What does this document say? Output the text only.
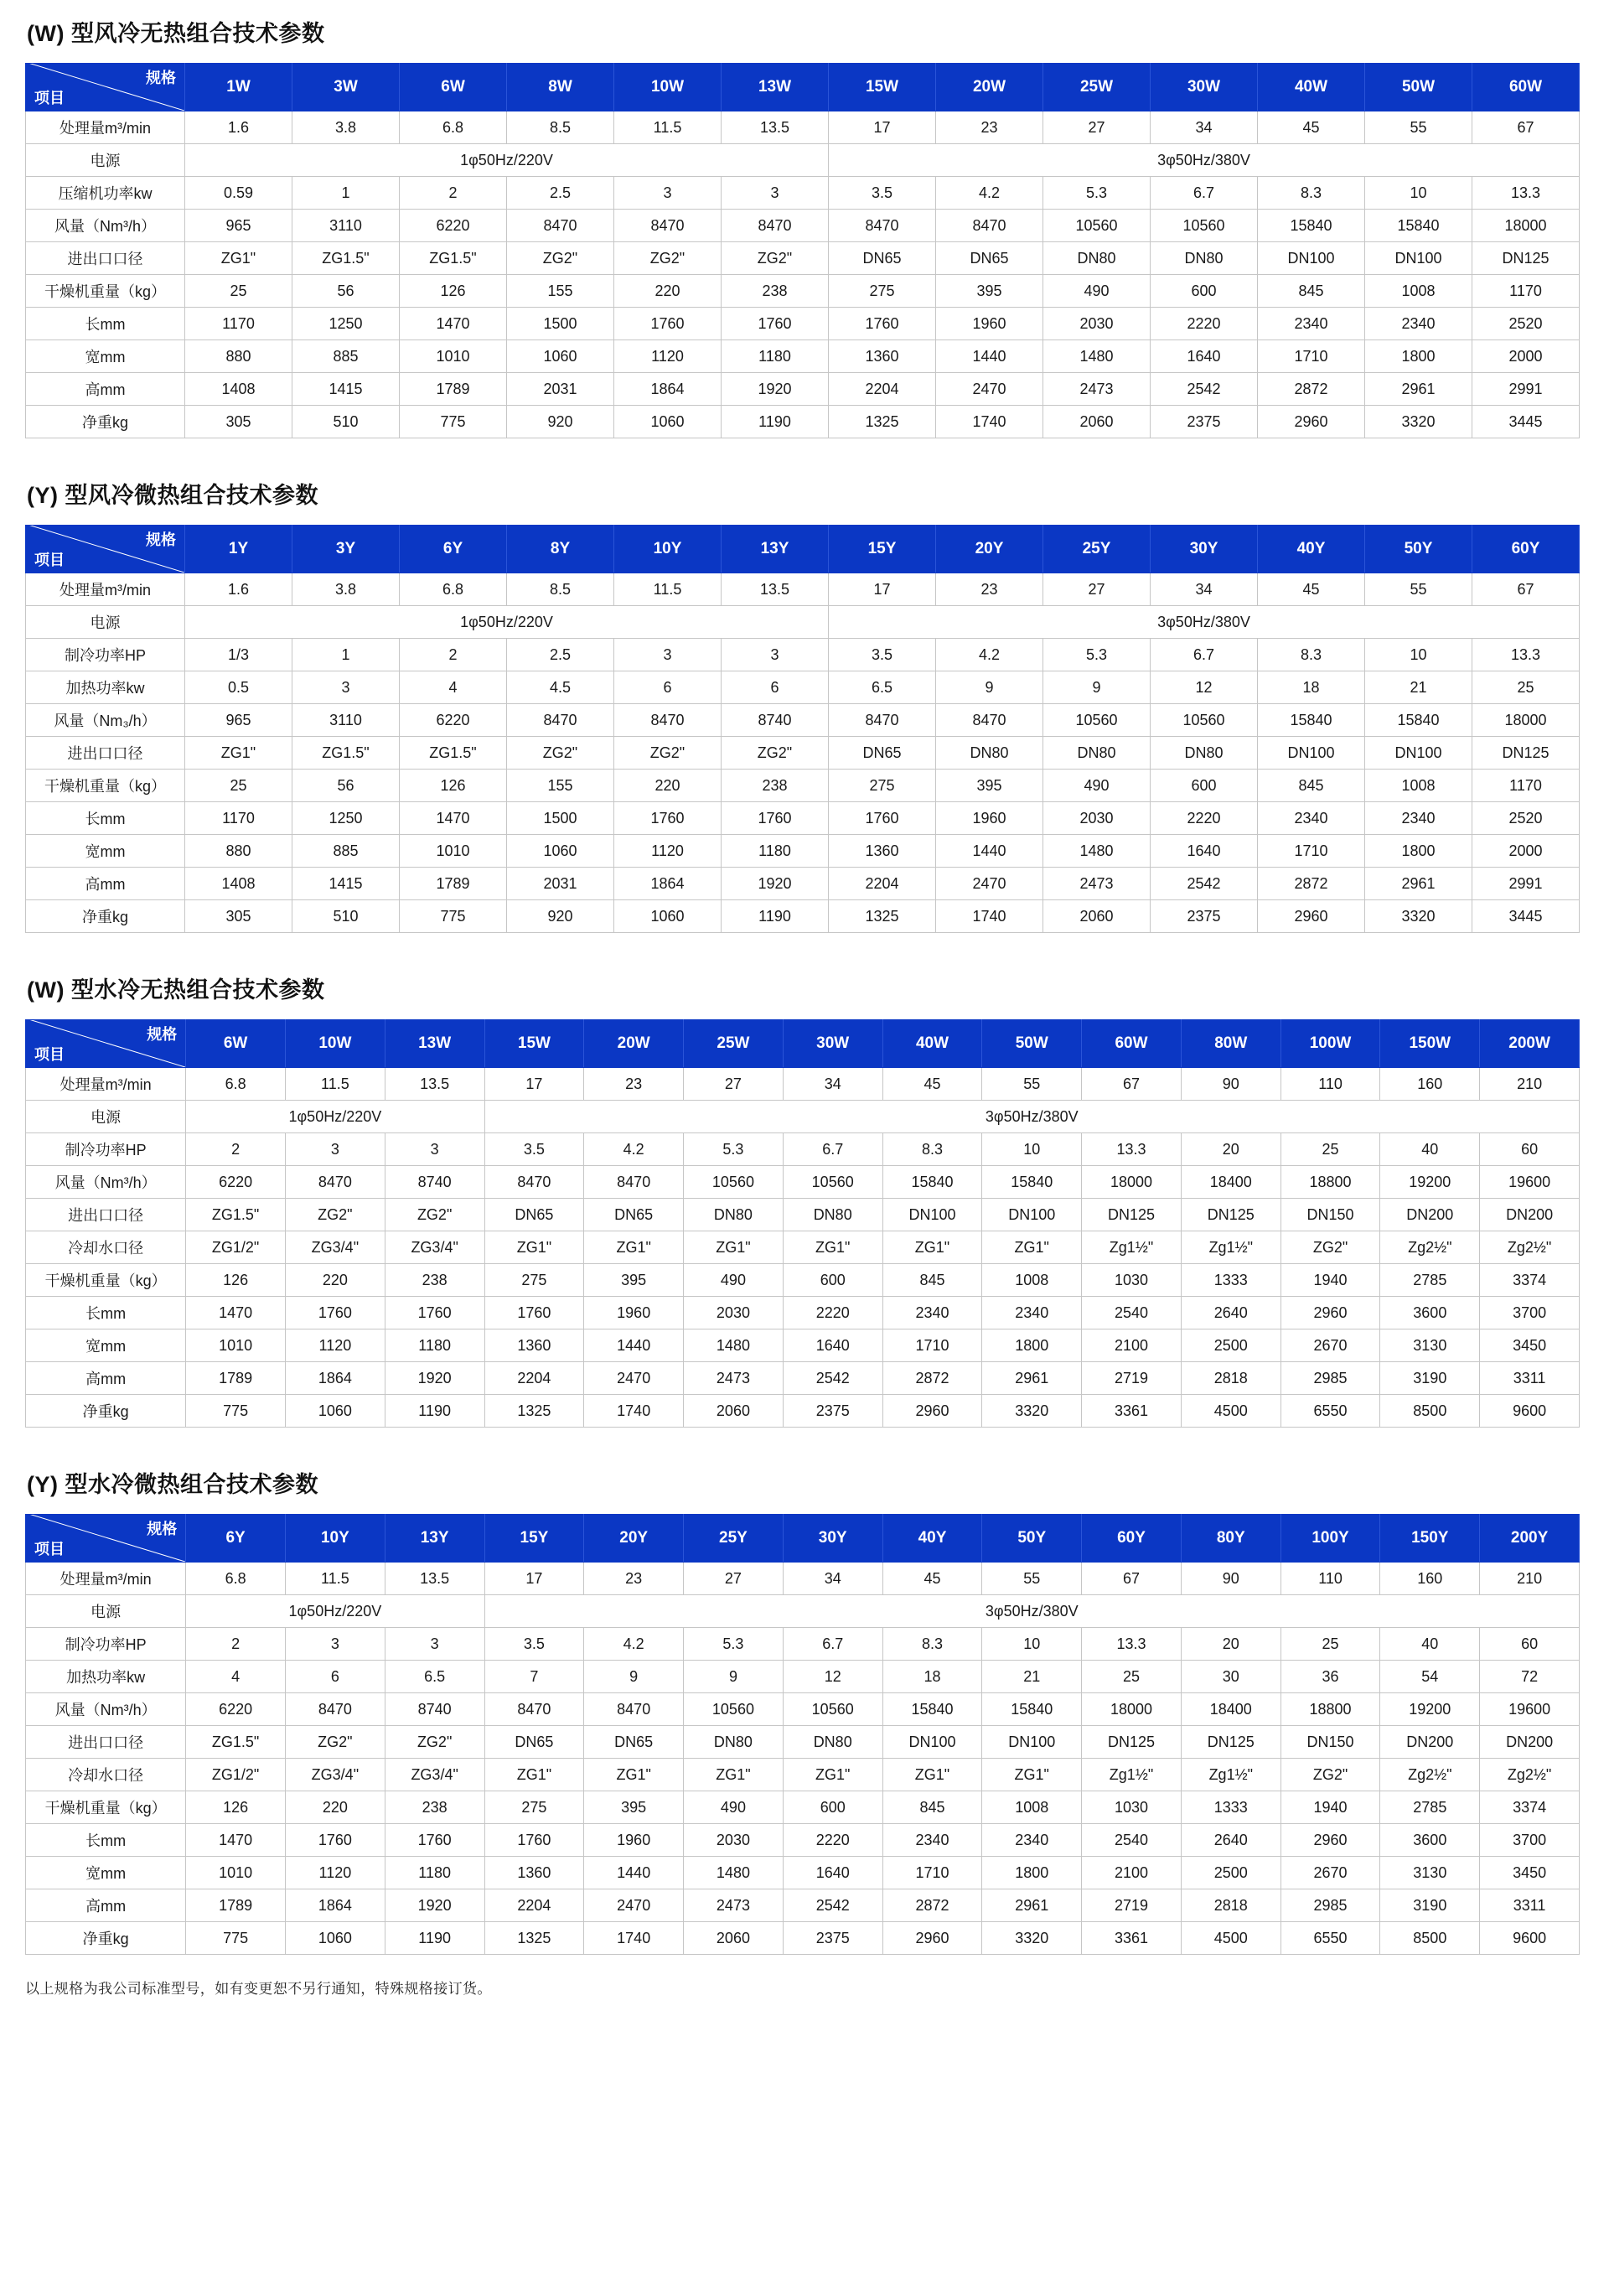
(W) 型风冷无热组合技术参数
规格
项目	1W	3W	6W	8W	10W	13W	15W	20W	25W	30W	40W	50W	60W
处理量m³/min	1.6	3.8	6.8	8.5	11.5	13.5	17	23	27	34	45	55	67
电源	1φ50Hz/220V						3φ50Hz/380V						
压缩机功率kw	0.59	1	2	2.5	3	3	3.5	4.2	5.3	6.7	8.3	10	13.3
风量（Nm³/h）	965	3110	6220	8470	8470	8470	8470	8470	10560	10560	15840	15840	18000
进出口口径	ZG1"	ZG1.5"	ZG1.5"	ZG2"	ZG2"	ZG2"	DN65	DN65	DN80	DN80	DN100	DN100	DN125
干燥机重量（kg）	25	56	126	155	220	238	275	395	490	600	845	1008	1170
长mm	1170	1250	1470	1500	1760	1760	1760	1960	2030	2220	2340	2340	2520
宽mm	880	885	1010	1060	1120	1180	1360	1440	1480	1640	1710	1800	2000
高mm	1408	1415	1789	2031	1864	1920	2204	2470	2473	2542	2872	2961	2991
净重kg	305	510	775	920	1060	1190	1325	1740	2060	2375	2960	3320	3445
(Y) 型风冷微热组合技术参数
规格
项目	1Y	3Y	6Y	8Y	10Y	13Y	15Y	20Y	25Y	30Y	40Y	50Y	60Y
处理量m³/min	1.6	3.8	6.8	8.5	11.5	13.5	17	23	27	34	45	55	67
电源	1φ50Hz/220V						3φ50Hz/380V						
制冷功率HP	1/3	1	2	2.5	3	3	3.5	4.2	5.3	6.7	8.3	10	13.3
加热功率kw	0.5	3	4	4.5	6	6	6.5	9	9	12	18	21	25
风量（Nm₃/h）	965	3110	6220	8470	8470	8740	8470	8470	10560	10560	15840	15840	18000
进出口口径	ZG1"	ZG1.5"	ZG1.5"	ZG2"	ZG2"	ZG2"	DN65	DN80	DN80	DN80	DN100	DN100	DN125
干燥机重量（kg）	25	56	126	155	220	238	275	395	490	600	845	1008	1170
长mm	1170	1250	1470	1500	1760	1760	1760	1960	2030	2220	2340	2340	2520
宽mm	880	885	1010	1060	1120	1180	1360	1440	1480	1640	1710	1800	2000
高mm	1408	1415	1789	2031	1864	1920	2204	2470	2473	2542	2872	2961	2991
净重kg	305	510	775	920	1060	1190	1325	1740	2060	2375	2960	3320	3445
(W) 型水冷无热组合技术参数
规格
项目	6W	10W	13W	15W	20W	25W	30W	40W	50W	60W	80W	100W	150W	200W
处理量m³/min	6.8	11.5	13.5	17	23	27	34	45	55	67	90	110	160	210
电源	1φ50Hz/220V			3φ50Hz/380V										
制冷功率HP	2	3	3	3.5	4.2	5.3	6.7	8.3	10	13.3	20	25	40	60
风量（Nm³/h）	6220	8470	8740	8470	8470	10560	10560	15840	15840	18000	18400	18800	19200	19600
进出口口径	ZG1.5"	ZG2"	ZG2"	DN65	DN65	DN80	DN80	DN100	DN100	DN125	DN125	DN150	DN200	DN200
冷却水口径	ZG1/2"	ZG3/4"	ZG3/4"	ZG1"	ZG1"	ZG1"	ZG1"	ZG1"	ZG1"	Zg1½"	Zg1½"	ZG2"	Zg2½"	Zg2½"
干燥机重量（kg）	126	220	238	275	395	490	600	845	1008	1030	1333	1940	2785	3374
长mm	1470	1760	1760	1760	1960	2030	2220	2340	2340	2540	2640	2960	3600	3700
宽mm	1010	1120	1180	1360	1440	1480	1640	1710	1800	2100	2500	2670	3130	3450
高mm	1789	1864	1920	2204	2470	2473	2542	2872	2961	2719	2818	2985	3190	3311
净重kg	775	1060	1190	1325	1740	2060	2375	2960	3320	3361	4500	6550	8500	9600
(Y) 型水冷微热组合技术参数
规格
项目	6Y	10Y	13Y	15Y	20Y	25Y	30Y	40Y	50Y	60Y	80Y	100Y	150Y	200Y
处理量m³/min	6.8	11.5	13.5	17	23	27	34	45	55	67	90	110	160	210
电源	1φ50Hz/220V			3φ50Hz/380V										
制冷功率HP	2	3	3	3.5	4.2	5.3	6.7	8.3	10	13.3	20	25	40	60
加热功率kw	4	6	6.5	7	9	9	12	18	21	25	30	36	54	72
风量（Nm³/h）	6220	8470	8740	8470	8470	10560	10560	15840	15840	18000	18400	18800	19200	19600
进出口口径	ZG1.5"	ZG2"	ZG2"	DN65	DN65	DN80	DN80	DN100	DN100	DN125	DN125	DN150	DN200	DN200
冷却水口径	ZG1/2"	ZG3/4"	ZG3/4"	ZG1"	ZG1"	ZG1"	ZG1"	ZG1"	ZG1"	Zg1½"	Zg1½"	ZG2"	Zg2½"	Zg2½"
干燥机重量（kg）	126	220	238	275	395	490	600	845	1008	1030	1333	1940	2785	3374
长mm	1470	1760	1760	1760	1960	2030	2220	2340	2340	2540	2640	2960	3600	3700
宽mm	1010	1120	1180	1360	1440	1480	1640	1710	1800	2100	2500	2670	3130	3450
高mm	1789	1864	1920	2204	2470	2473	2542	2872	2961	2719	2818	2985	3190	3311
净重kg	775	1060	1190	1325	1740	2060	2375	2960	3320	3361	4500	6550	8500	9600
以上规格为我公司标准型号，如有变更恕不另行通知，特殊规格接订货。
